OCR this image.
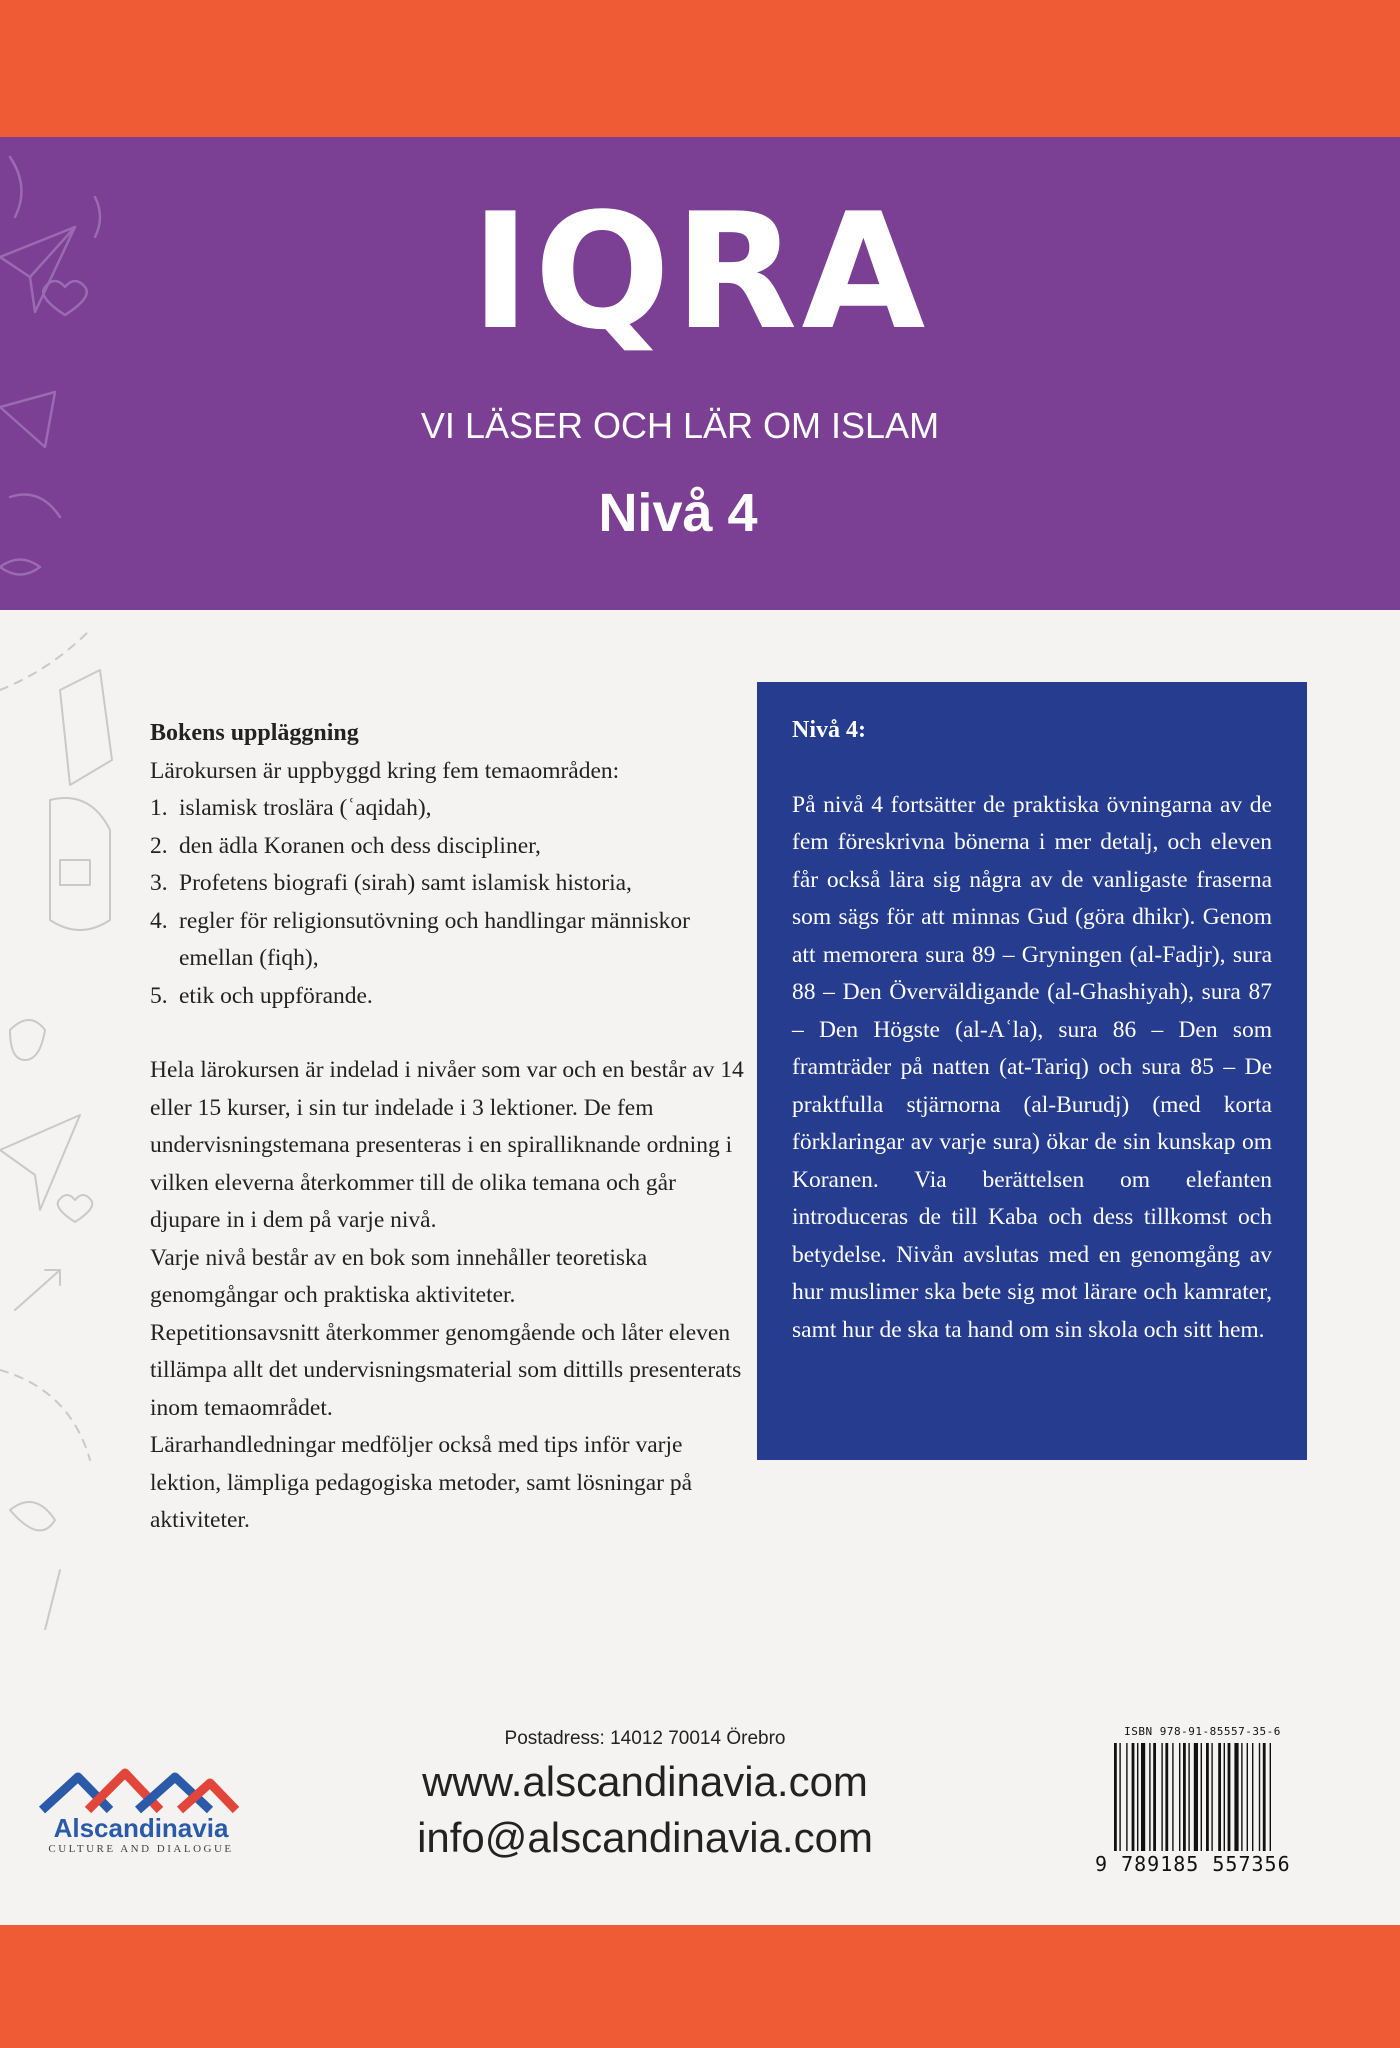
IQRA
VI LÄSER OCH LÄR OM ISLAM
Nivå 4
Bokens uppläggning

Lärokursen är uppbyggd kring fem temaområden:

1. islamisk troslära (ʿaqidah),
2. den ädla Koranen och dess discipliner,
3. Profetens biografi (sirah) samt islamisk historia,
4. regler för religionsutövning och handlingar människor emellan (fiqh),
5. etik och uppförande.

Hela lärokursen är indelad i nivåer som var och en består av 14 eller 15 kurser, i sin tur indelade i 3 lektioner. De fem undervisningstemana presenteras i en spiralliknande ordning i vilken eleverna återkommer till de olika temana och går djupare in i dem på varje nivå.

Varje nivå består av en bok som innehåller teoretiska genomgångar och praktiska aktiviteter.

Repetitionsavsnitt återkommer genomgående och låter eleven tillämpa allt det undervisningsmaterial som dittills presenterats inom temaområdet.

Lärarhandledningar medföljer också med tips inför varje lektion, lämpliga pedagogiska metoder, samt lösningar på aktiviteter.

Nivå 4:

På nivå 4 fortsätter de praktiska övningarna av de fem föreskrivna bönerna i mer detalj, och eleven får också lära sig några av de vanligaste fraserna som sägs för att minnas Gud (göra dhikr). Genom att memorera sura 89 – Gryningen (al-Fadjr), sura 88 – Den Överväldigande (al-Ghashiyah), sura 87 – Den Högste (al-Aʿla), sura 86 – Den som framträder på natten (at-Tariq) och sura 85 – De praktfulla stjärnorna (al-Burudj) (med korta förklaringar av varje sura) ökar de sin kunskap om Koranen. Via berättelsen om elefanten introduceras de till Kaba och dess tillkomst och betydelse. Nivån avslutas med en genomgång av hur muslimer ska bete sig mot lärare och kamrater, samt hur de ska ta hand om sin skola och sitt hem.

Alscandinavia
CULTURE AND DIALOGUE
Postadress: 14012 70014 Örebro
www.alscandinavia.com
info@alscandinavia.com
ISBN 978-91-85557-35-6
9 789185 557356
